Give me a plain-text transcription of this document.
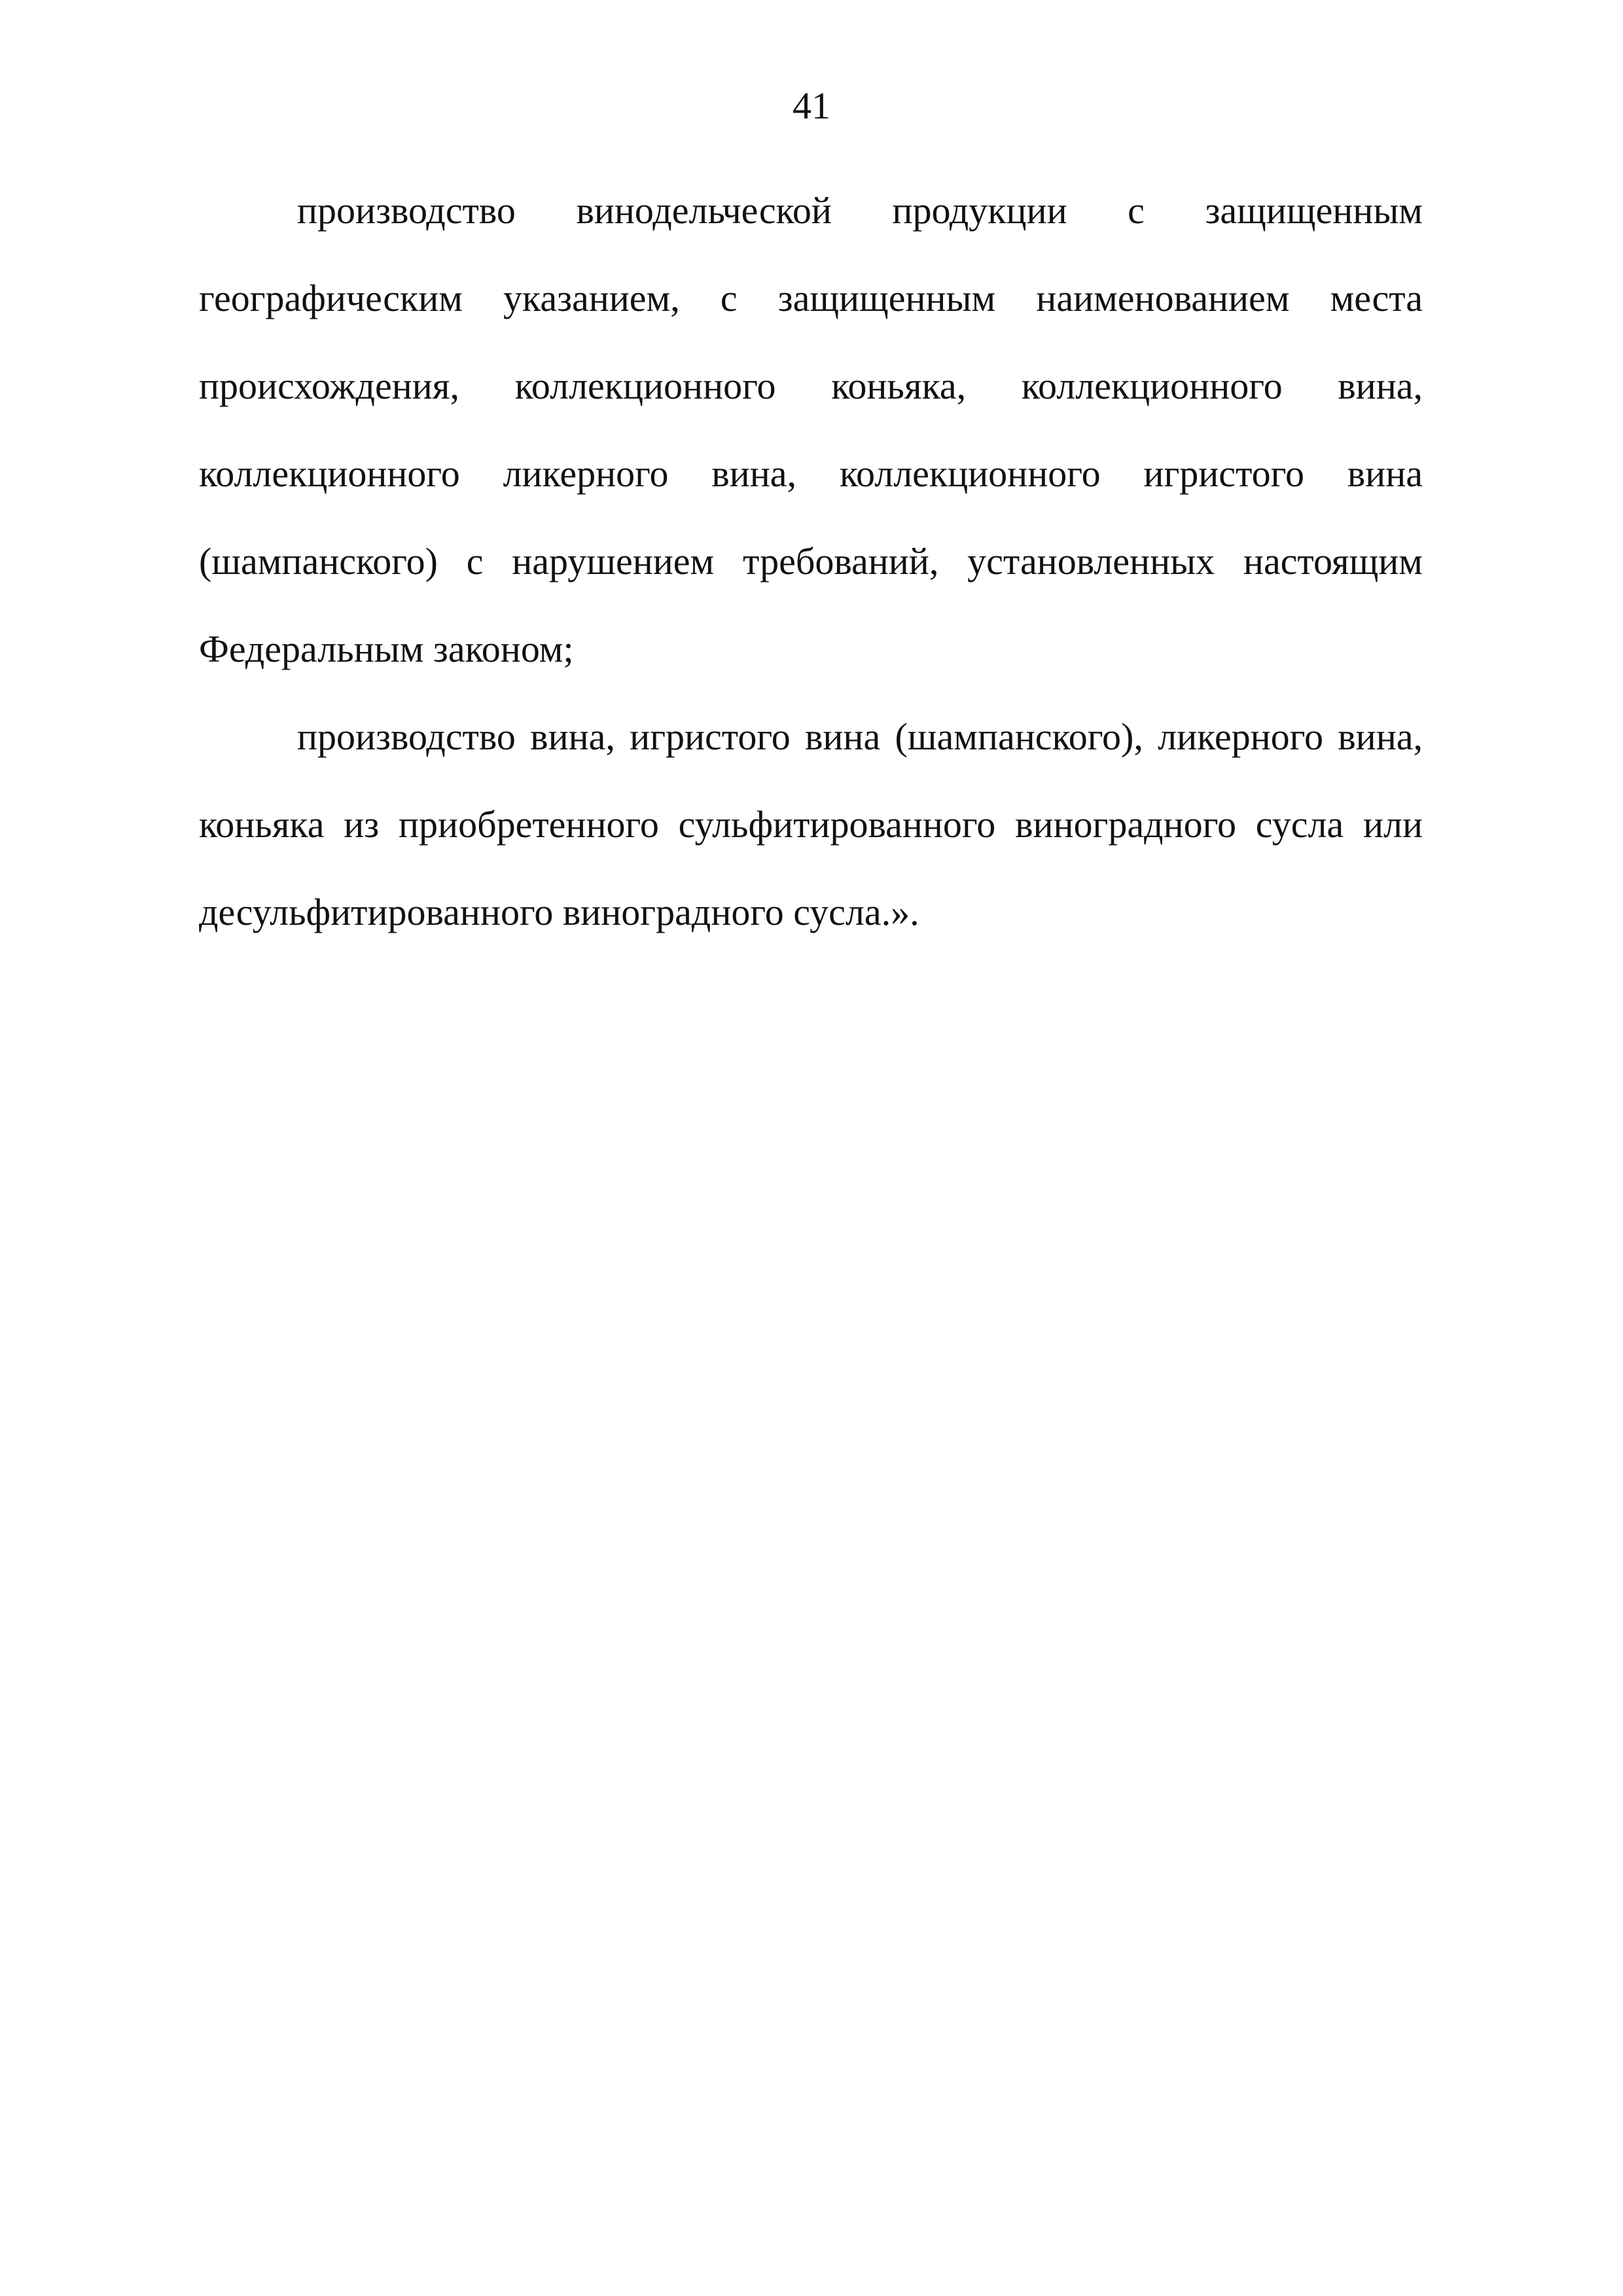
41
производство винодельческой продукции с защищенным
географическим указанием, с защищенным наименованием места
происхождения, коллекционного коньяка, коллекционного вина,
коллекционного ликерного вина, коллекционного игристого вина
(шампанского) с нарушением требований, установленных настоящим
Федеральным законом;
производство вина, игристого вина (шампанского), ликерного вина,
коньяка из приобретенного сульфитированного виноградного сусла или
десульфитированного виноградного сусла.».
